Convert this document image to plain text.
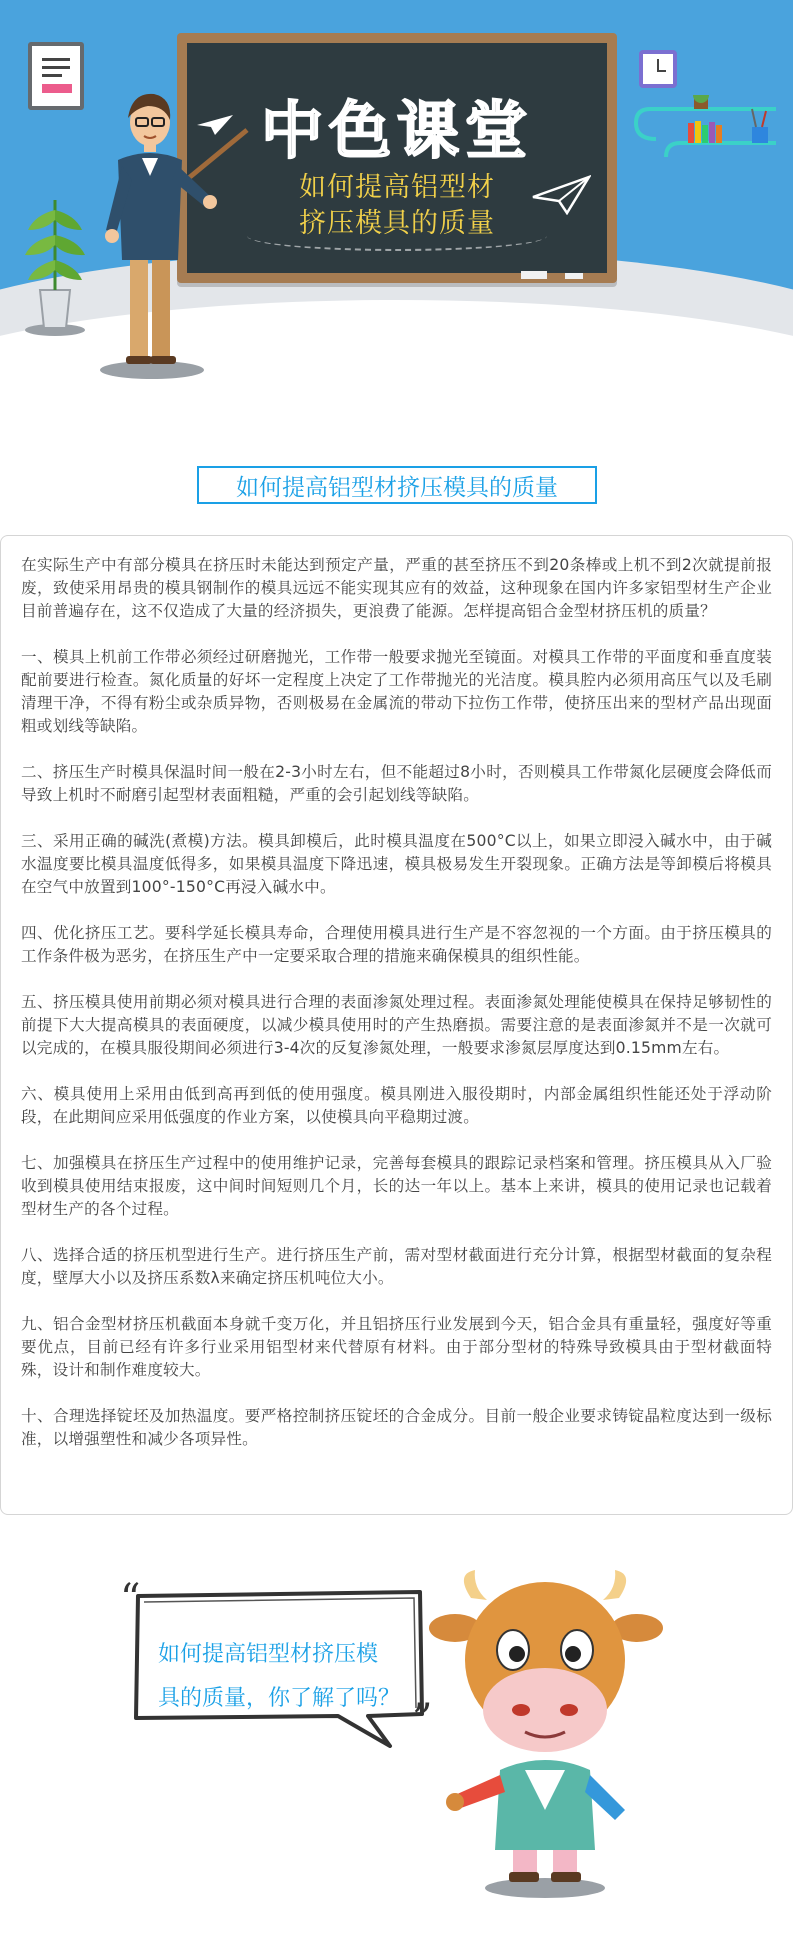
中色课堂
如何提高铝型材
挤压模具的质量
如何提高铝型材挤压模具的质量

在实际生产中有部分模具在挤压时未能达到预定产量，严重的甚至挤压不到20条棒或上机不到2次就提前报废，致使采用昂贵的模具钢制作的模具远远不能实现其应有的效益，这种现象在国内许多家铝型材生产企业目前普遍存在，这不仅造成了大量的经济损失，更浪费了能源。怎样提高铝合金型材挤压机的质量？

一、模具上机前工作带必须经过研磨抛光，工作带一般要求抛光至镜面。对模具工作带的平面度和垂直度装配前要进行检查。氮化质量的好坏一定程度上决定了工作带抛光的光洁度。模具腔内必须用高压气以及毛刷清理干净，不得有粉尘或杂质异物，否则极易在金属流的带动下拉伤工作带，使挤压出来的型材产品出现面粗或划线等缺陷。

二、挤压生产时模具保温时间一般在2-3小时左右，但不能超过8小时，否则模具工作带氮化层硬度会降低而导致上机时不耐磨引起型材表面粗糙，严重的会引起划线等缺陷。

三、采用正确的碱洗(煮模)方法。模具卸模后，此时模具温度在500°C以上，如果立即浸入碱水中，由于碱水温度要比模具温度低得多，如果模具温度下降迅速，模具极易发生开裂现象。正确方法是等卸模后将模具在空气中放置到100°-150°C再浸入碱水中。

四、优化挤压工艺。要科学延长模具寿命，合理使用模具进行生产是不容忽视的一个方面。由于挤压模具的工作条件极为恶劣，在挤压生产中一定要采取合理的措施来确保模具的组织性能。

五、挤压模具使用前期必须对模具进行合理的表面渗氮处理过程。表面渗氮处理能使模具在保持足够韧性的前提下大大提高模具的表面硬度，以减少模具使用时的产生热磨损。需要注意的是表面渗氮并不是一次就可以完成的，在模具服役期间必须进行3-4次的反复渗氮处理，一般要求渗氮层厚度达到0.15mm左右。

六、模具使用上采用由低到高再到低的使用强度。模具刚进入服役期时，内部金属组织性能还处于浮动阶段，在此期间应采用低强度的作业方案，以使模具向平稳期过渡。

七、加强模具在挤压生产过程中的使用维护记录，完善每套模具的跟踪记录档案和管理。挤压模具从入厂验收到模具使用结束报废，这中间时间短则几个月，长的达一年以上。基本上来讲，模具的使用记录也记载着型材生产的各个过程。

八、选择合适的挤压机型进行生产。进行挤压生产前，需对型材截面进行充分计算，根据型材截面的复杂程度，壁厚大小以及挤压系数λ来确定挤压机吨位大小。

九、铝合金型材挤压机截面本身就千变万化，并且铝挤压行业发展到今天，铝合金具有重量轻，强度好等重要优点，目前已经有许多行业采用铝型材来代替原有材料。由于部分型材的特殊导致模具由于型材截面特殊，设计和制作难度较大。

十、合理选择锭坯及加热温度。要严格控制挤压锭坯的合金成分。目前一般企业要求铸锭晶粒度达到一级标准，以增强塑性和减少各项异性。

“
”
如何提高铝型材挤压模
具的质量，你了解了吗？
